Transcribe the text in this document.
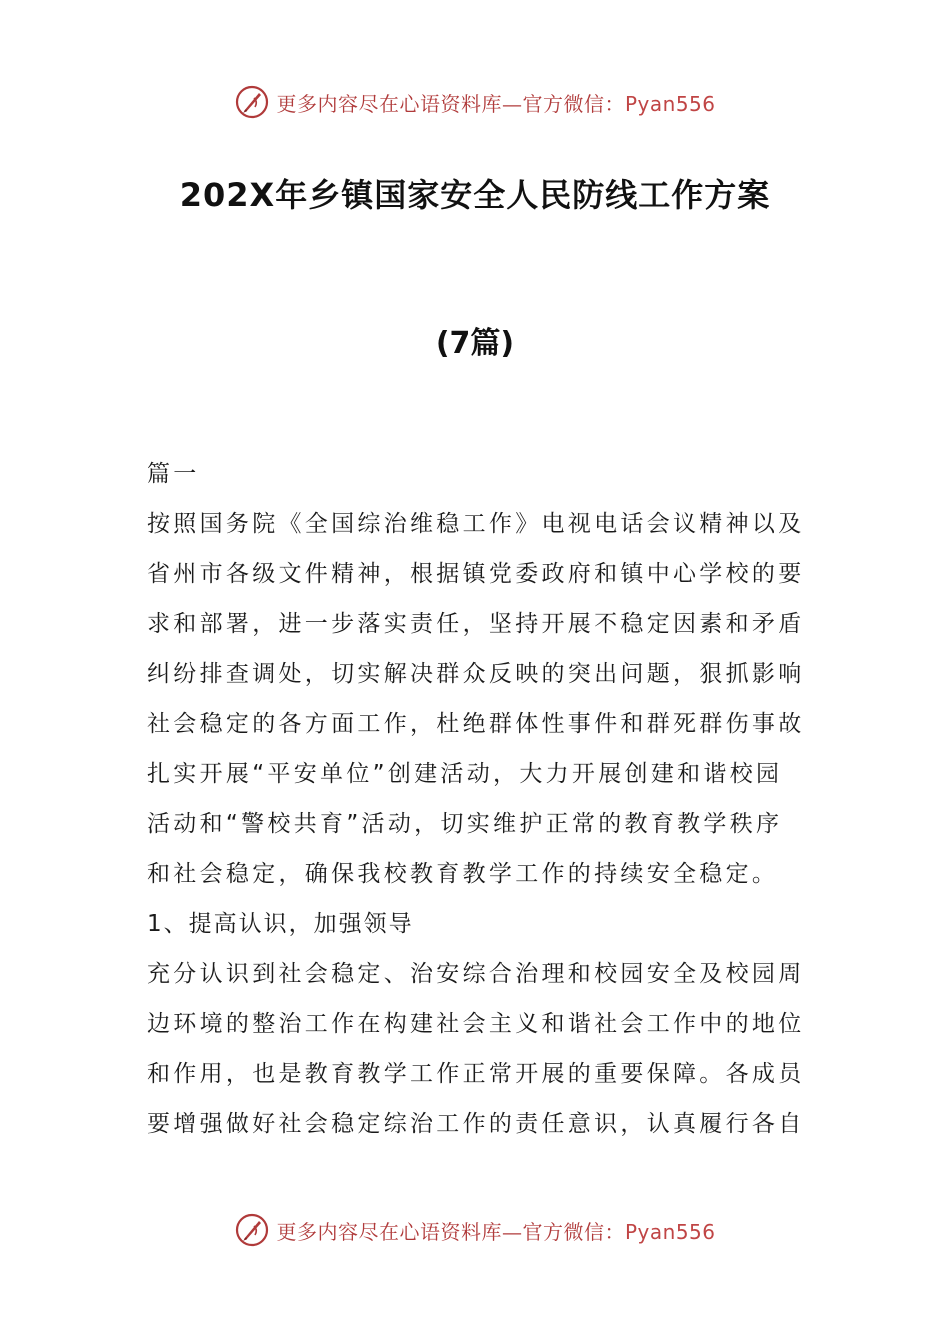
更多内容尽在心语资料库—官方微信：Pyan556
202X年乡镇国家安全人民防线工作方案
(7篇)
篇一
按照国务院《全国综治维稳工作》电视电话会议精神以及
省州市各级文件精神，根据镇党委政府和镇中心学校的要
求和部署，进一步落实责任，坚持开展不稳定因素和矛盾
纠纷排查调处，切实解决群众反映的突出问题，狠抓影响
社会稳定的各方面工作，杜绝群体性事件和群死群伤事故
扎实开展“平安单位”创建活动，大力开展创建和谐校园
活动和“警校共育”活动，切实维护正常的教育教学秩序
和社会稳定，确保我校教育教学工作的持续安全稳定。
1、提高认识，加强领导
充分认识到社会稳定、治安综合治理和校园安全及校园周
边环境的整治工作在构建社会主义和谐社会工作中的地位
和作用，也是教育教学工作正常开展的重要保障。各成员
要增强做好社会稳定综治工作的责任意识，认真履行各自
更多内容尽在心语资料库—官方微信：Pyan556
